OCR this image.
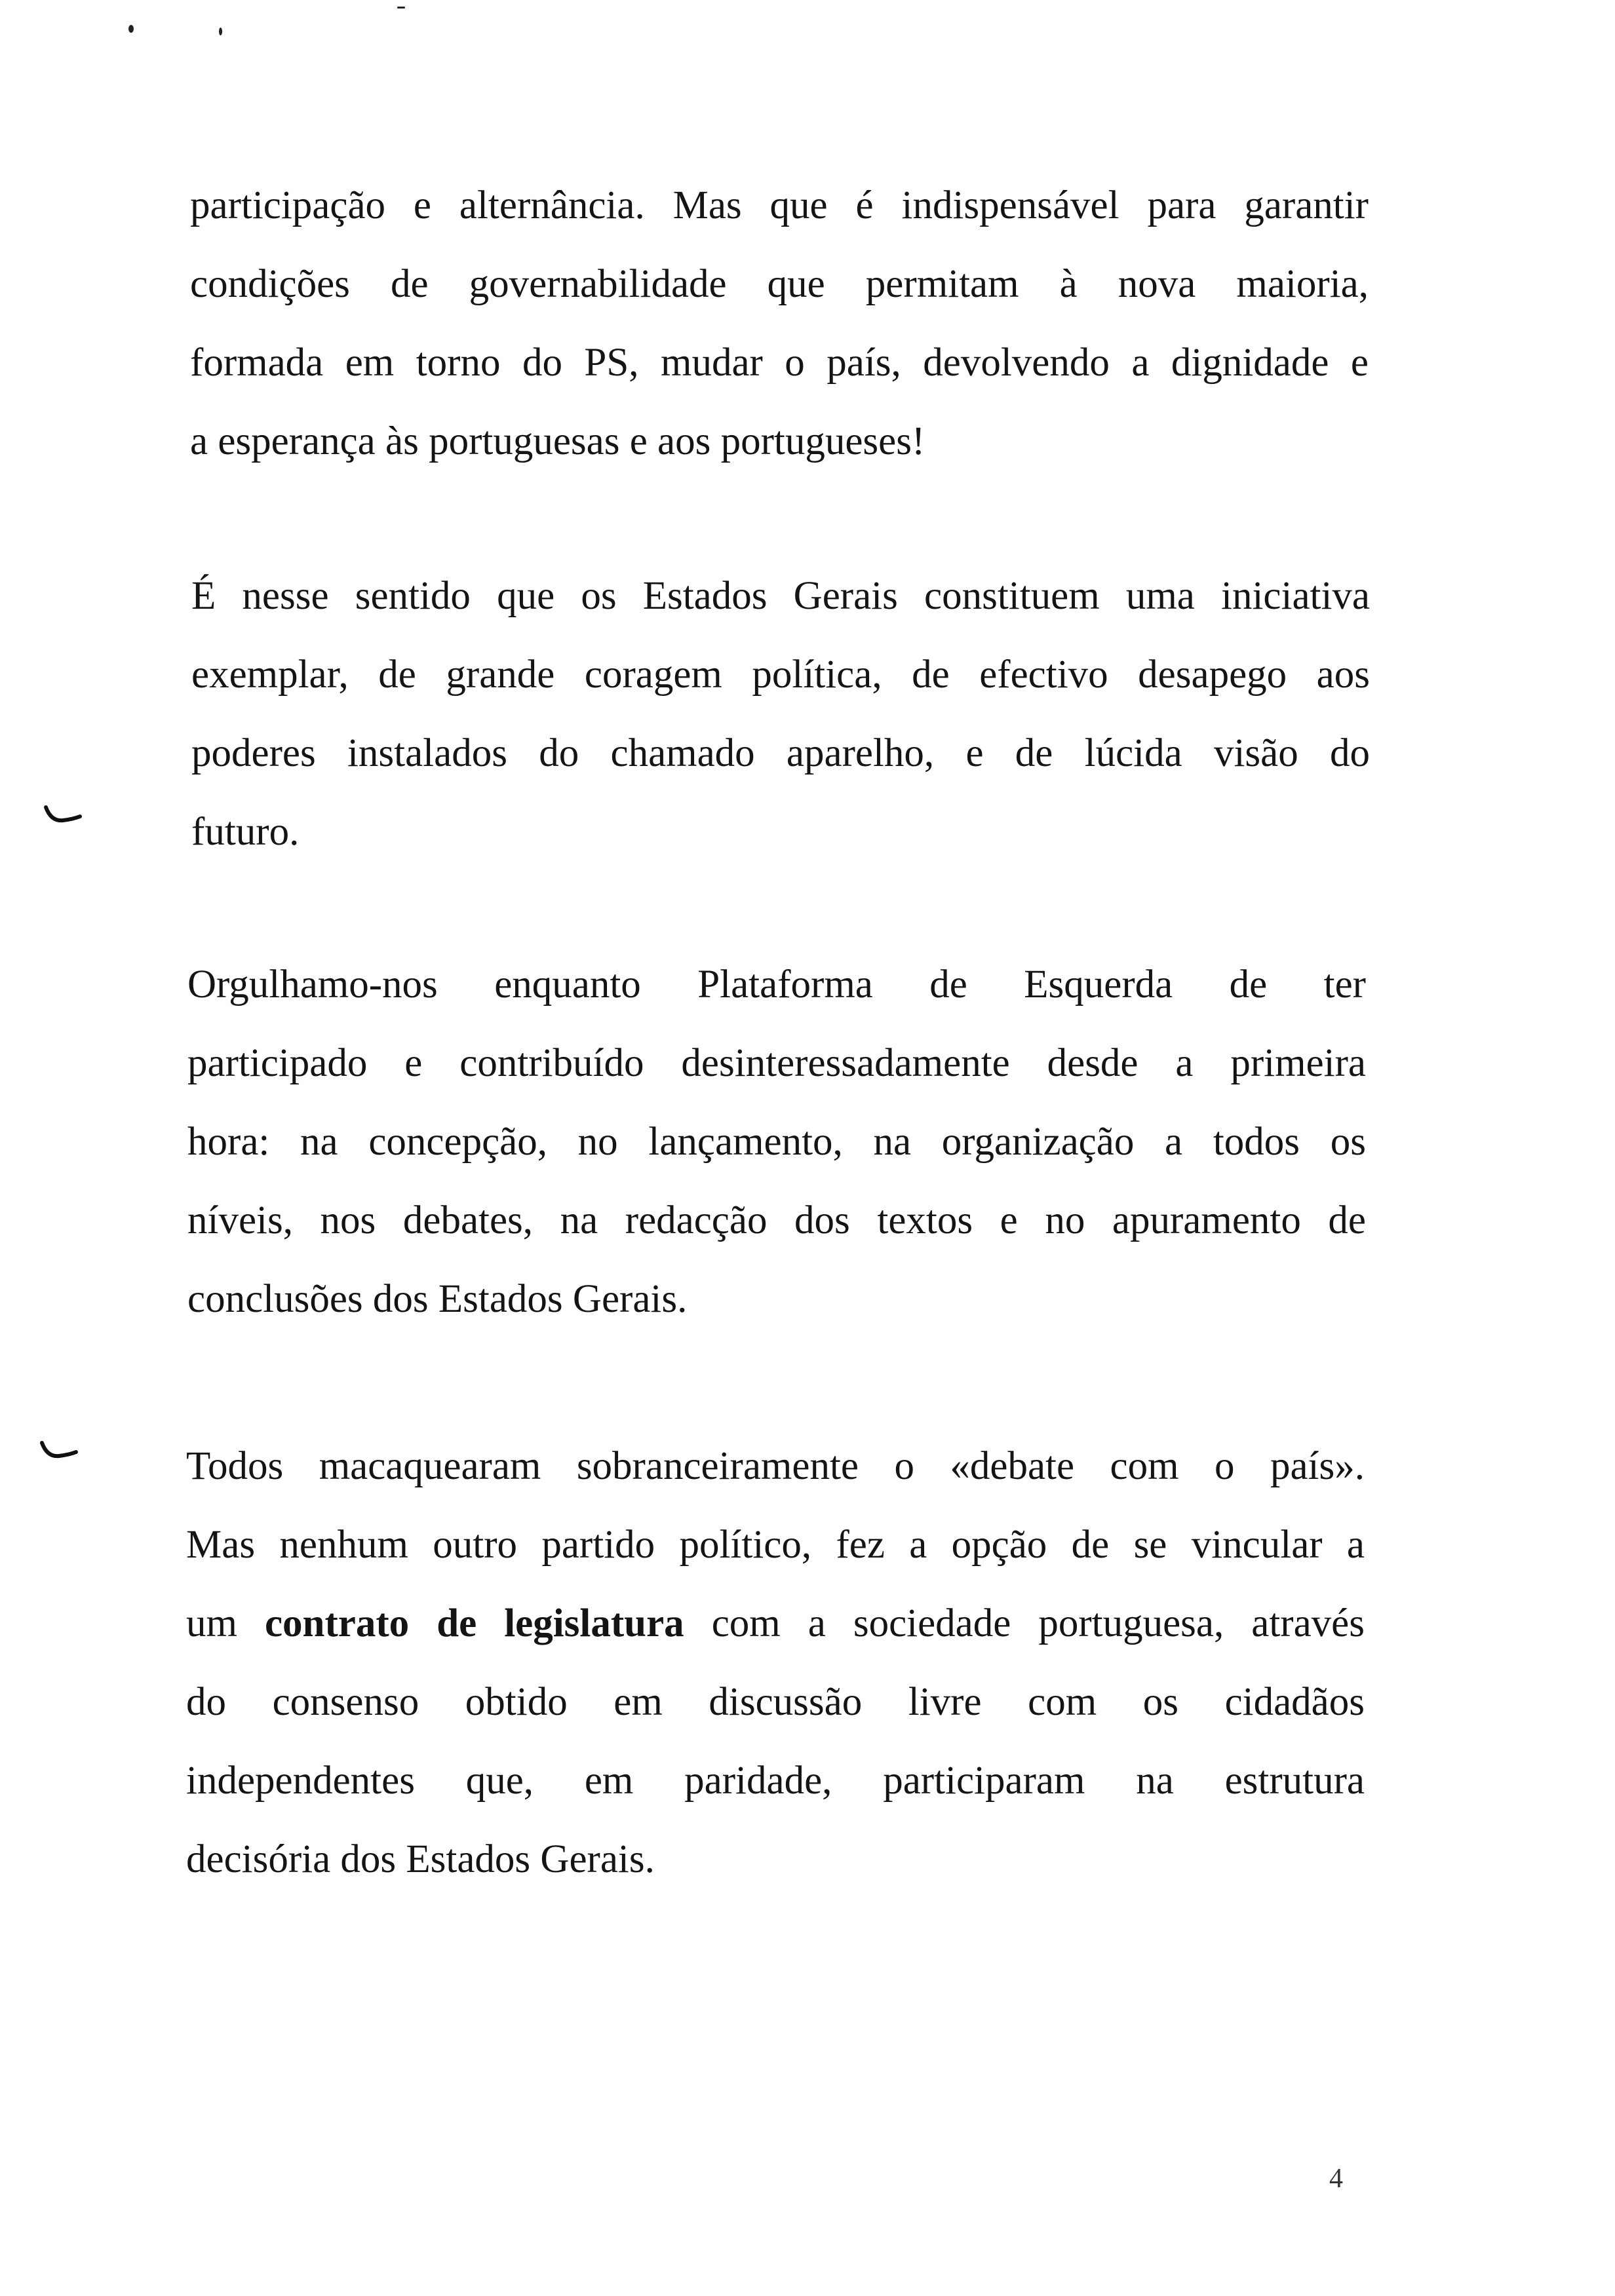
participação e alternância. Mas que é indispensável para garantir
condições de governabilidade que permitam à nova maioria,
formada em torno do PS, mudar o país, devolvendo a dignidade e
a esperança às portuguesas e aos portugueses!

É nesse sentido que os Estados Gerais constituem uma iniciativa
exemplar, de grande coragem política, de efectivo desapego aos
poderes instalados do chamado aparelho, e de lúcida visão do
futuro.

Orgulhamo-nos enquanto Plataforma de Esquerda de ter
participado e contribuído desinteressadamente desde a primeira
hora: na concepção, no lançamento, na organização a todos os
níveis, nos debates, na redacção dos textos e no apuramento de
conclusões dos Estados Gerais.

Todos macaquearam sobranceiramente o «debate com o país».
Mas nenhum outro partido político, fez a opção de se vincular a
um contrato de legislatura com a sociedade portuguesa, através
do consenso obtido em discussão livre com os cidadãos
independentes que, em paridade, participaram na estrutura
decisória dos Estados Gerais.

4
